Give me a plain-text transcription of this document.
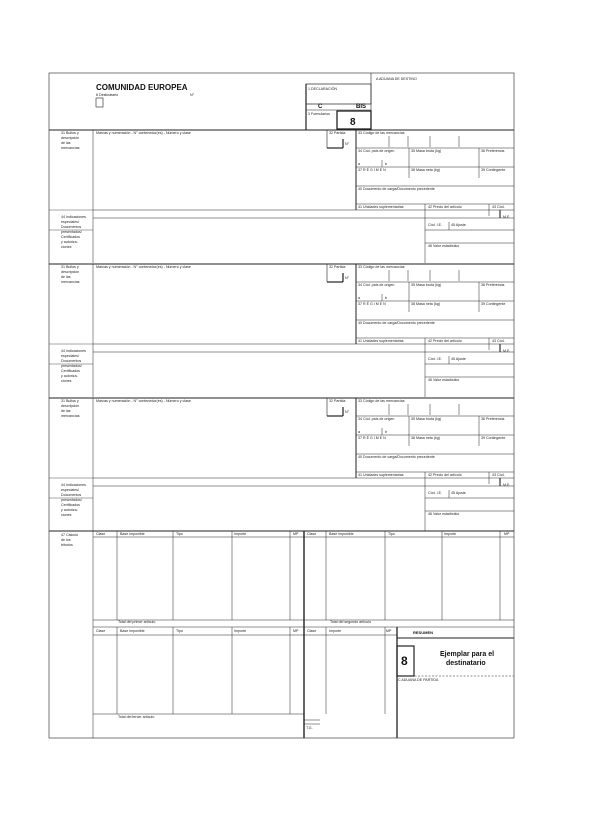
COMUNIDAD EUROPEA
8 Destinatario	N°
1 DECLARACIÓN
C	BIS
3 Formularios
8
A ADUANA DE DESTINO
31 Bultos y
descripción
de las
mercancías
Marcas y numeración - N° contenedor(es) - Número y clase	32 Partida
N°
33 Código de las mercancías
34 Cód. país de origen	35 Masa bruta (kg)	36 Preferencia
a	b
37 R É G I M E N	38 Masa neta (kg)	39 Contingente
40 Documento de carga/Documento precedente
41 Unidades suplementarias	42 Precio del artículo	43 Cód.
M.E.
44 Indicaciones
especiales/
Documentos
presentados/
Certificados
y autoriza-
ciones
Cód. I.E.	45 Ajuste
46 Valor estadístico
31 Bultos y
descripción
de las
mercancías
Marcas y numeración - N° contenedor(es) - Número y clase	32 Partida
N°
33 Código de las mercancías
34 Cód. país de origen	35 Masa bruta (kg)	36 Preferencia
a	b
37 R É G I M E N	38 Masa neta (kg)	39 Contingente
40 Documento de carga/Documento precedente
41 Unidades suplementarias	42 Precio del artículo	43 Cód.
M.E.
44 Indicaciones
especiales/
Documentos
presentados/
Certificados
y autoriza-
ciones
Cód. I.E.	45 Ajuste
46 Valor estadístico
31 Bultos y
descripción
de las
mercancías
Marcas y numeración - N° contenedor(es) - Número y clase	32 Partida
N°
33 Código de las mercancías
34 Cód. país de origen	35 Masa bruta (kg)	36 Preferencia
a	b
37 R É G I M E N	38 Masa neta (kg)	39 Contingente
40 Documento de carga/Documento precedente
41 Unidades suplementarias	42 Precio del artículo	43 Cód.
M.E.
44 Indicaciones
especiales/
Documentos
presentados/
Certificados
y autoriza-
ciones
Cód. I.E.	45 Ajuste
46 Valor estadístico
47 Cálculo
de los
tributos
Clase	Base imponible	Tipo	Importe	MP Clase	Base imponible	Tipo	Importe	MP
Total del primer artículo	Total del segundo artículo
Clase	Base imponible	Tipo	Importe	MP Clase	Importe	MP	RESUMEN
8	Ejemplar para el
destinatario
C ADUANA DE PARTIDA
Total del tercer artículo
T.G.
